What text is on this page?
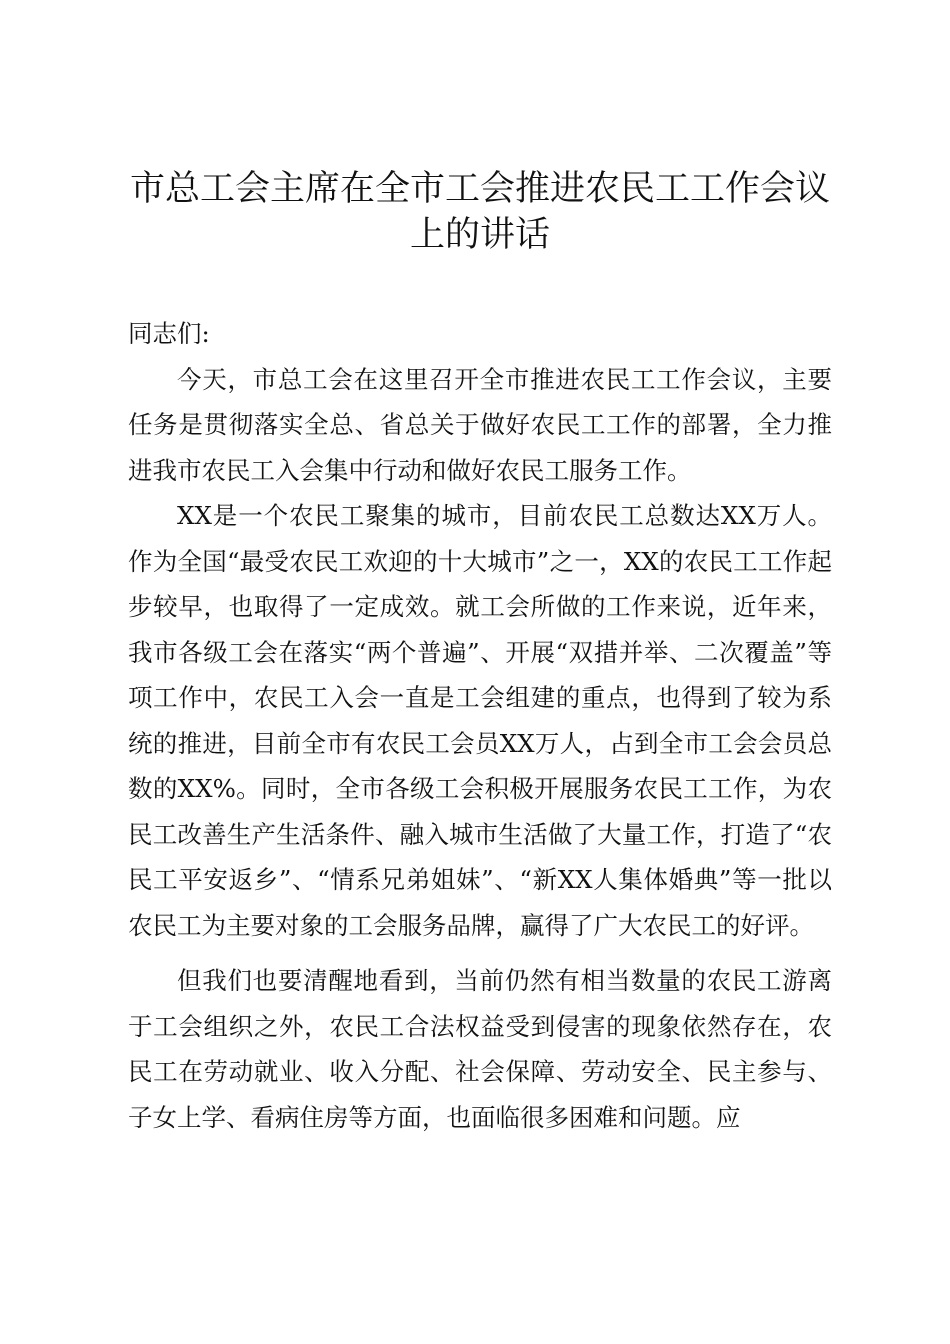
市总工会主席在全市工会推进农民工工作会议
上的讲话

同志们:

今天，市总工会在这里召开全市推进农民工工作会议，主要任务是贯彻落实全总、省总关于做好农民工工作的部署，全力推进我市农民工入会集中行动和做好农民工服务工作。

XX是一个农民工聚集的城市，目前农民工总数达XX万人。作为全国“最受农民工欢迎的十大城市”之一，XX的农民工工作起步较早，也取得了一定成效。就工会所做的工作来说，近年来，我市各级工会在落实“两个普遍”、开展“双措并举、二次覆盖”等项工作中，农民工入会一直是工会组建的重点，也得到了较为系统的推进，目前全市有农民工会员XX万人，占到全市工会会员总数的XX%。同时，全市各级工会积极开展服务农民工工作，为农民工改善生产生活条件、融入城市生活做了大量工作，打造了“农民工平安返乡”、“情系兄弟姐妹”、“新XX人集体婚典”等一批以农民工为主要对象的工会服务品牌，赢得了广大农民工的好评。

但我们也要清醒地看到，当前仍然有相当数量的农民工游离于工会组织之外，农民工合法权益受到侵害的现象依然存在，农民工在劳动就业、收入分配、社会保障、劳动安全、民主参与、子女上学、看病住房等方面，也面临很多困难和问题。应
